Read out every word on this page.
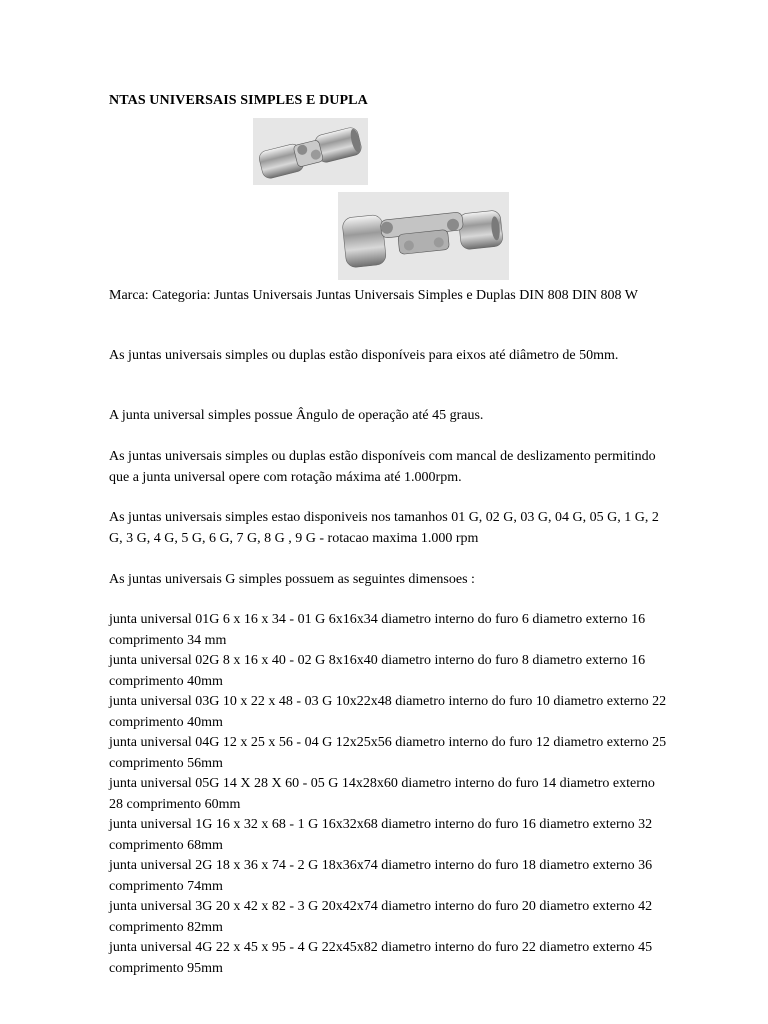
NTAS UNIVERSAIS SIMPLES E DUPLA

Marca: Categoria: Juntas Universais Juntas Universais Simples e Duplas DIN 808 DIN 808 W

As juntas universais simples ou duplas estão disponíveis para eixos até diâmetro de 50mm.

A junta universal simples possue Ângulo de operação até 45 graus.

As juntas universais simples ou duplas estão disponíveis com mancal de deslizamento permitindo que a junta universal opere com rotação máxima até 1.000rpm.

As juntas universais simples estao disponiveis nos tamanhos 01 G, 02 G, 03 G, 04 G, 05 G, 1 G, 2 G, 3 G, 4 G, 5 G, 6 G, 7 G, 8 G , 9 G - rotacao maxima 1.000 rpm

As juntas universais G simples possuem as seguintes dimensoes :

junta universal 01G 6 x 16 x 34 - 01 G 6x16x34 diametro interno do furo 6 diametro externo 16 comprimento 34 mm

junta universal 02G 8 x 16 x 40 - 02 G 8x16x40 diametro interno do furo 8 diametro externo 16 comprimento 40mm

junta universal 03G 10 x 22 x 48 - 03 G 10x22x48 diametro interno do furo 10 diametro externo 22 comprimento 40mm

junta universal 04G 12 x 25 x 56 - 04 G 12x25x56 diametro interno do furo 12 diametro externo 25 comprimento 56mm

junta universal 05G 14 X 28 X 60 - 05 G 14x28x60 diametro interno do furo 14 diametro externo 28 comprimento 60mm

junta universal 1G 16 x 32 x 68 - 1 G 16x32x68 diametro interno do furo 16 diametro externo 32 comprimento 68mm

junta universal 2G 18 x 36 x 74 - 2 G 18x36x74 diametro interno do furo 18 diametro externo 36 comprimento 74mm

junta universal 3G 20 x 42 x 82 - 3 G 20x42x74 diametro interno do furo 20 diametro externo 42 comprimento 82mm

junta universal 4G 22 x 45 x 95 - 4 G 22x45x82 diametro interno do furo 22 diametro externo 45 comprimento 95mm
